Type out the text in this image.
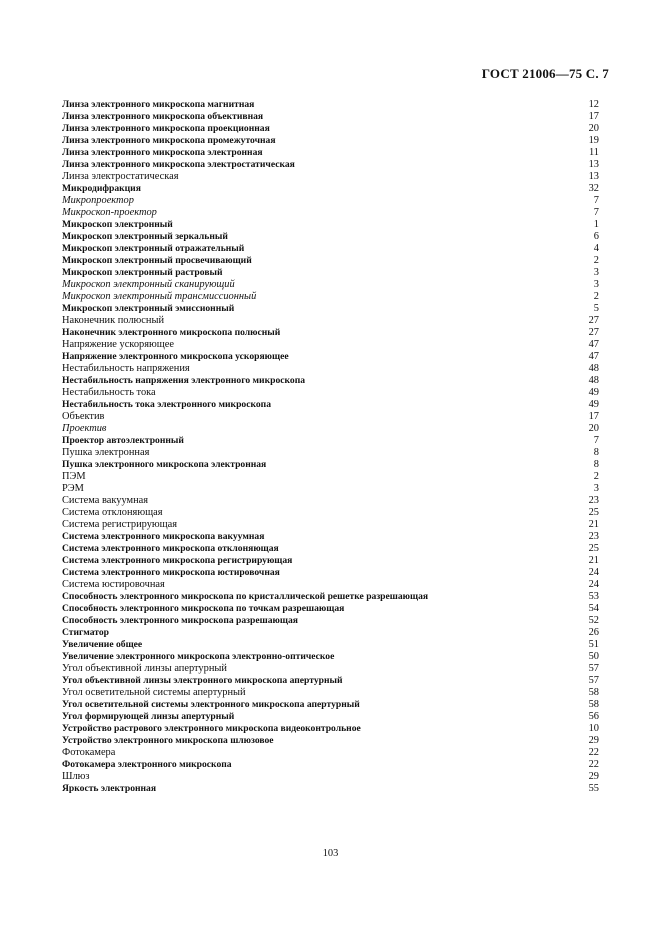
ГОСТ 21006—75 С. 7
Линза электронного микроскопа магнитная	12
Линза электронного микроскопа объективная	17
Линза электронного микроскопа проекционная	20
Линза электронного микроскопа промежуточная	19
Линза электронного микроскопа электронная	11
Линза электронного микроскопа электростатическая	13
Линза электростатическая	13
Микродифракция	32
Микропроектор	7
Микроскоп-проектор	7
Микроскоп электронный	1
Микроскоп электронный зеркальный	6
Микроскоп электронный отражательный	4
Микроскоп электронный просвечивающий	2
Микроскоп электронный растровый	3
Микроскоп электронный сканирующий	3
Микроскоп электронный трансмиссионный	2
Микроскоп электронный эмиссионный	5
Наконечник полюсный	27
Наконечник электронного микроскопа полюсный	27
Напряжение ускоряющее	47
Напряжение электронного микроскопа ускоряющее	47
Нестабильность напряжения	48
Нестабильность напряжения электронного микроскопа	48
Нестабильность тока	49
Нестабильность тока электронного микроскопа	49
Объектив	17
Проектив	20
Проектор автоэлектронный	7
Пушка электронная	8
Пушка электронного микроскопа электронная	8
ПЭМ	2
РЭМ	3
Система вакуумная	23
Система отклоняющая	25
Система регистрирующая	21
Система электронного микроскопа вакуумная	23
Система электронного микроскопа отклоняющая	25
Система электронного микроскопа регистрирующая	21
Система электронного микроскопа юстировочная	24
Система юстировочная	24
Способность электронного микроскопа по кристаллической решетке разрешающая	53
Способность электронного микроскопа по точкам разрешающая	54
Способность электронного микроскопа разрешающая	52
Стигматор	26
Увеличение общее	51
Увеличение электронного микроскопа электронно-оптическое	50
Угол объективной линзы апертурный	57
Угол объективной линзы электронного микроскопа апертурный	57
Угол осветительной системы апертурный	58
Угол осветительной системы электронного микроскопа апертурный	58
Угол формирующей линзы апертурный	56
Устройство растрового электронного микроскопа видеоконтрольное	10
Устройство электронного микроскопа шлюзовое	29
Фотокамера	22
Фотокамера электронного микроскопа	22
Шлюз	29
Яркость электронная	55
103
